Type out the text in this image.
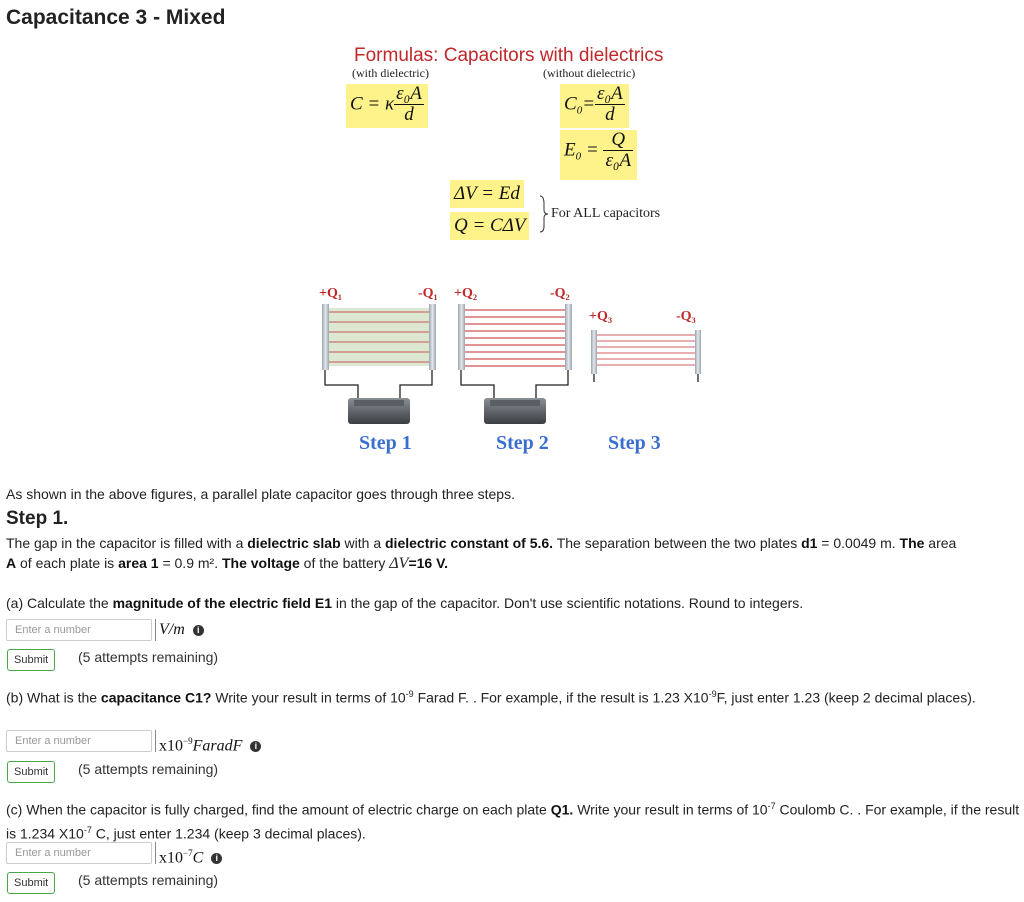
Capacitance 3 - Mixed
Formulas: Capacitors with dielectrics
(with dielectric)	(without dielectric)
C = κ $\frac{\text{ε₀A}}{d}$	$C_0= \frac{\text{ε₀A}}{d}$
$E_0 = \frac{Q}{\text{ε₀A}}$
ΔV = Ed
Q = CΔV
For ALL capacitors
+Q₁	-Q₁ +Q₂	-Q₂
+Q₃	-Q₃
Step 1	Step 2	Step 3
As shown in the above figures, a parallel plate capacitor goes through three steps.
Step 1.
The gap in the capacitor is filled with a dielectric slab with a dielectric constant of 5.6. The separation between the two plates d1 = 0.0049 m. The area
A of each plate is area 1 = 0.9 m². The voltage of the battery ΔV=16 V.
(a) Calculate the magnitude of the electric field E1 in the gap of the capacitor. Don't use scientific notations. Round to integers.
Enter a number	V/m i
Submit	(5 attempts remaining)
(b) What is the capacitance C1? Write your result in terms of $10^{-9}$ Farad F. . For example, if the result is 1.23 $X10^{-9}F$, just enter 1.23 (keep 2 decimal places).
Enter a number	$x10^{-9}FaradF$ i
Submit	(5 attempts remaining)
(c) When the capacitor is fully charged, find the amount of electric charge on each plate Q1. Write your result in terms of $10^{-7}$ Coulomb C. . For example, if the result is 1.234 $X10^{-7}$ C, just enter 1.234 (keep 3 decimal places).
Enter a number	$x10^{-7}C$ i
Submit	(5 attempts remaining)
